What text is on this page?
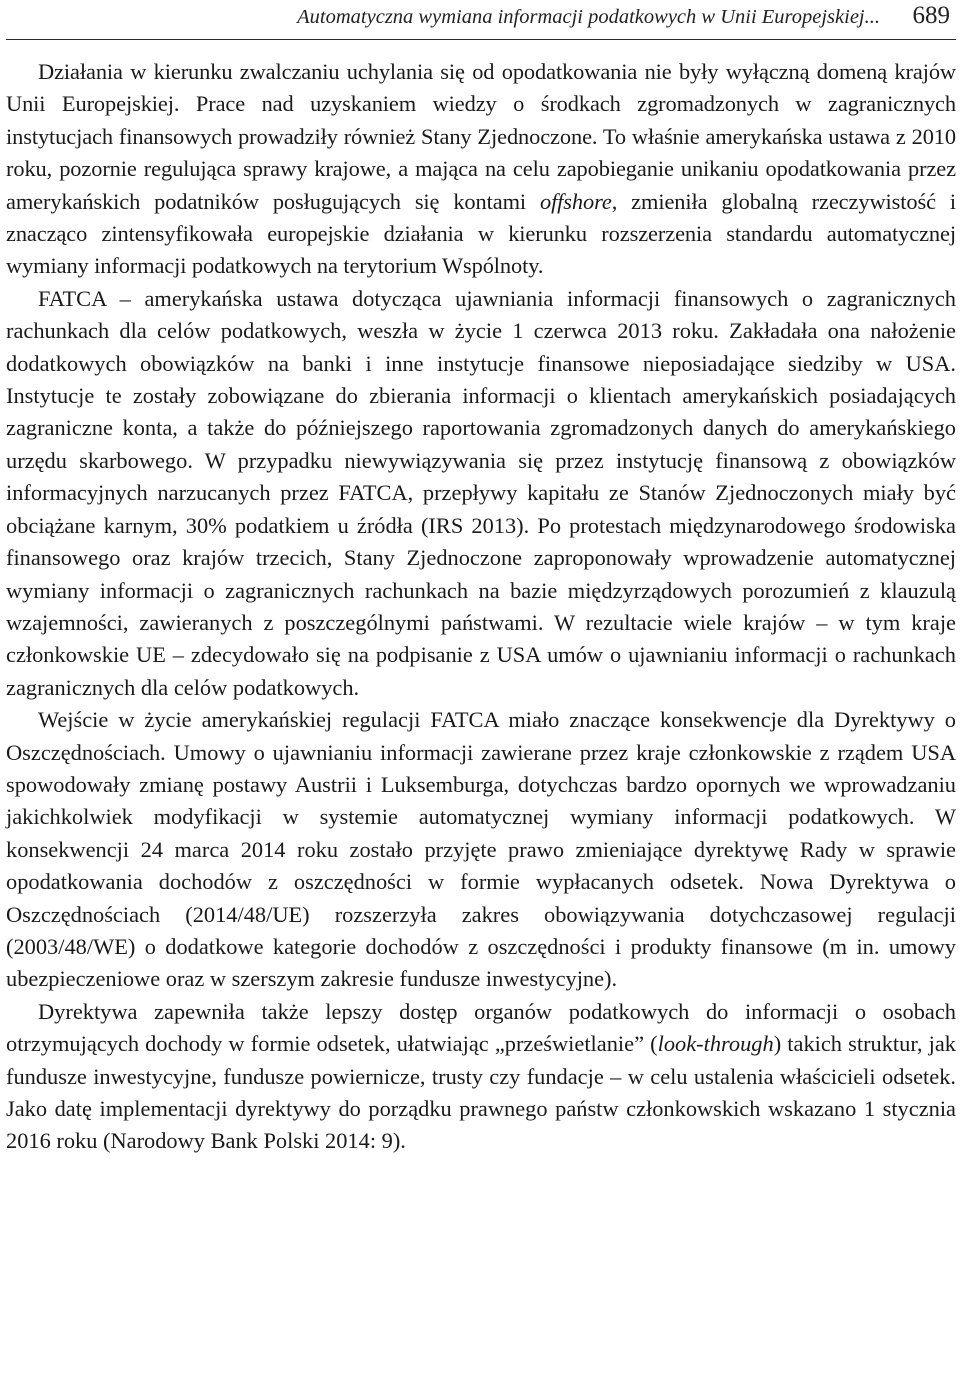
Automatyczna wymiana informacji podatkowych w Unii Europejskiej... 689

Działania w kierunku zwalczaniu uchylania się od opodatkowania nie były wyłączną domeną krajów Unii Europejskiej. Prace nad uzyskaniem wiedzy o środkach zgromadzonych w zagranicznych instytucjach finansowych prowadziły również Stany Zjednoczone. To właśnie amerykańska ustawa z 2010 roku, pozornie regulująca sprawy krajowe, a mająca na celu zapobieganie unikaniu opodatkowania przez amerykańskich podatników posługujących się kontami offshore, zmieniła globalną rzeczywistość i znacząco zintensyfikowała europejskie działania w kierunku rozszerzenia standardu automatycznej wymiany informacji podatkowych na terytorium Wspólnoty.

FATCA – amerykańska ustawa dotycząca ujawniania informacji finansowych o zagranicznych rachunkach dla celów podatkowych, weszła w życie 1 czerwca 2013 roku. Zakładała ona nałożenie dodatkowych obowiązków na banki i inne instytucje finansowe nieposiadające siedziby w USA. Instytucje te zostały zobowiązane do zbierania informacji o klientach amerykańskich posiadających zagraniczne konta, a także do późniejszego raportowania zgromadzonych danych do amerykańskiego urzędu skarbowego. W przypadku niewywiązywania się przez instytucję finansową z obowiązków informacyjnych narzucanych przez FATCA, przepływy kapitału ze Stanów Zjednoczonych miały być obciążane karnym, 30% podatkiem u źródła (IRS 2013). Po protestach międzynarodowego środowiska finansowego oraz krajów trzecich, Stany Zjednoczone zaproponowały wprowadzenie automatycznej wymiany informacji o zagranicznych rachunkach na bazie międzyrządowych porozumień z klauzulą wzajemności, zawieranych z poszczególnymi państwami. W rezultacie wiele krajów – w tym kraje członkowskie UE – zdecydowało się na podpisanie z USA umów o ujawnianiu informacji o rachunkach zagranicznych dla celów podatkowych.

Wejście w życie amerykańskiej regulacji FATCA miało znaczące konsekwencje dla Dyrektywy o Oszczędnościach. Umowy o ujawnianiu informacji zawierane przez kraje członkowskie z rządem USA spowodowały zmianę postawy Austrii i Luksemburga, dotychczas bardzo opornych we wprowadzaniu jakichkolwiek modyfikacji w systemie automatycznej wymiany informacji podatkowych. W konsekwencji 24 marca 2014 roku zostało przyjęte prawo zmieniające dyrektywę Rady w sprawie opodatkowania dochodów z oszczędności w formie wypłacanych odsetek. Nowa Dyrektywa o Oszczędnościach (2014/48/UE) rozszerzyła zakres obowiązywania dotychczasowej regulacji (2003/48/WE) o dodatkowe kategorie dochodów z oszczędności i produkty finansowe (m in. umowy ubezpieczeniowe oraz w szerszym zakresie fundusze inwestycyjne).

Dyrektywa zapewniła także lepszy dostęp organów podatkowych do informacji o osobach otrzymujących dochody w formie odsetek, ułatwiając „prześwietlanie” (look-through) takich struktur, jak fundusze inwestycyjne, fundusze powiernicze, trusty czy fundacje – w celu ustalenia właścicieli odsetek. Jako datę implementacji dyrektywy do porządku prawnego państw członkowskich wskazano 1 stycznia 2016 roku (Narodowy Bank Polski 2014: 9).
